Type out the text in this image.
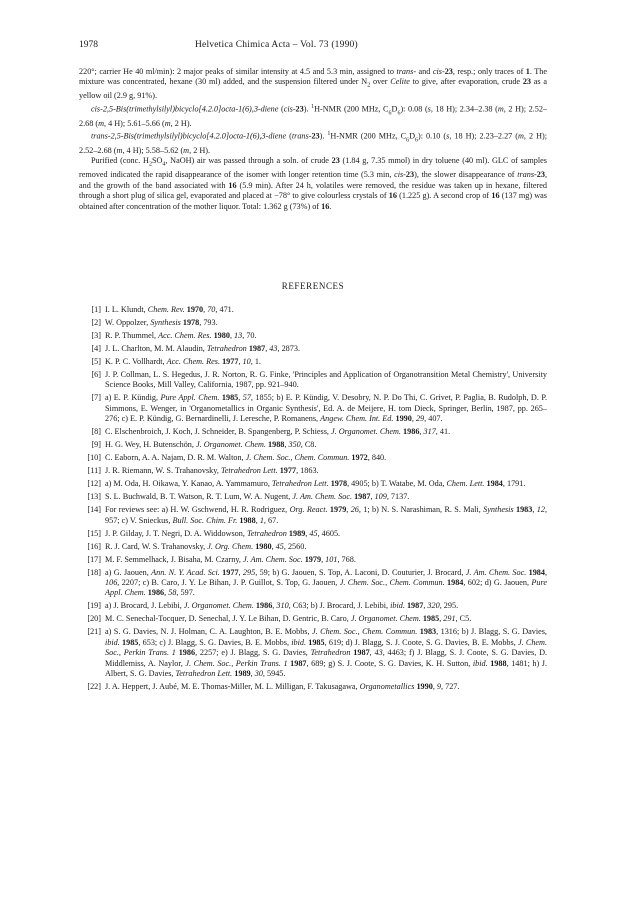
1978	Helvetica Chimica Acta – Vol. 73 (1990)

220°; carrier He 40 ml/min): 2 major peaks of similar intensity at 4.5 and 5.3 min, assigned to trans- and cis-23, resp.; only traces of 1. The mixture was concentrated, hexane (30 ml) added, and the suspension filtered under $N_2$ over Celite to give, after evaporation, crude 23 as a yellow oil (2.9 g, 91%).

cis-2,5-Bis(trimethylsilyl)bicyclo[4.2.0]octa-1(6),3-diene (cis-23). $^1$H-NMR (200 MHz, $C_6D_6$): 0.08 (s, 18 H); 2.34–2.38 (m, 2 H); 2.52–2.68 (m, 4 H); 5.61–5.66 (m, 2 H).

trans-2,5-Bis(trimethylsilyl)bicyclo[4.2.0]octa-1(6),3-diene (trans-23). $^1$H-NMR (200 MHz, $C_6D_6$): 0.10 (s, 18 H); 2.23–2.27 (m, 2 H); 2.52–2.68 (m, 4 H); 5.58–5.62 (m, 2 H).

Purified (conc. $H_2SO_4$, NaOH) air was passed through a soln. of crude 23 (1.84 g, 7.35 mmol) in dry toluene (40 ml). GLC of samples removed indicated the rapid disappearance of the isomer with longer retention time (5.3 min, cis-23), the slower disappearance of trans-23, and the growth of the band associated with 16 (5.9 min). After 24 h, volatiles were removed, the residue was taken up in hexane, filtered through a short plug of silica gel, evaporated and placed at −78° to give colourless crystals of 16 (1.225 g). A second crop of 16 (137 mg) was obtained after concentration of the mother liquor. Total: 1.362 g (73%) of 16.

REFERENCES
[1] I. L. Klundt, Chem. Rev. 1970, 70, 471.
[2] W. Oppolzer, Synthesis 1978, 793.
[3] R. P. Thummel, Acc. Chem. Res. 1980, 13, 70.
[4] J. L. Charlton, M. M. Alaudin, Tetrahedron 1987, 43, 2873.
[5] K. P. C. Vollhardt, Acc. Chem. Res. 1977, 10, 1.
[6] J. P. Collman, L. S. Hegedus, J. R. Norton, R. G. Finke, 'Principles and Application of Organotransition Metal Chemistry', University Science Books, Mill Valley, California, 1987, pp. 921–940.
[7] a) E. P. Kündig, Pure Appl. Chem. 1985, 57, 1855; b) E. P. Kündig, V. Desobry, N. P. Do Thi, C. Grivet, P. Paglia, B. Rudolph, D. P. Simmons, E. Wenger, in 'Organometallics in Organic Synthesis', Ed. A. de Meijere, H. tom Dieck, Springer, Berlin, 1987, pp. 265–276; c) E. P. Kündig, G. Bernardinelli, J. Leresche, P. Romanens, Angew. Chem. Int. Ed. 1990, 29, 407.
[8] C. Elschenbroich, J. Koch, J. Schneider, B. Spangenberg, P. Schiess, J. Organomet. Chem. 1986, 317, 41.
[9] H. G. Wey, H. Butenschön, J. Organomet. Chem. 1988, 350, C8.
[10] C. Eaborn, A. A. Najam, D. R. M. Walton, J. Chem. Soc., Chem. Commun. 1972, 840.
[11] J. R. Riemann, W. S. Trahanovsky, Tetrahedron Lett. 1977, 1863.
[12] a) M. Oda, H. Oikawa, Y. Kanao, A. Yammamuro, Tetrahedron Lett. 1978, 4905; b) T. Watabe, M. Oda, Chem. Lett. 1984, 1791.
[13] S. L. Buchwald, B. T. Watson, R. T. Lum, W. A. Nugent, J. Am. Chem. Soc. 1987, 109, 7137.
[14] For reviews see: a) H. W. Gschwend, H. R. Rodriguez, Org. React. 1979, 26, 1; b) N. S. Narashiman, R. S. Mali, Synthesis 1983, 12, 957; c) V. Snieckus, Bull. Soc. Chim. Fr. 1988, 1, 67.
[15] J. P. Gilday, J. T. Negri, D. A. Widdowson, Tetrahedron 1989, 45, 4605.
[16] R. J. Card, W. S. Trahanovsky, J. Org. Chem. 1980, 45, 2560.
[17] M. F. Semmelhack, J. Bisaha, M. Czarny, J. Am. Chem. Soc. 1979, 101, 768.
[18] a) G. Jaouen, Ann. N. Y. Acad. Sci. 1977, 295, 59; b) G. Jaouen, S. Top, A. Laconi, D. Couturier, J. Brocard, J. Am. Chem. Soc. 1984, 106, 2207; c) B. Caro, J. Y. Le Bihan, J. P. Guillot, S. Top, G. Jaouen, J. Chem. Soc., Chem. Commun. 1984, 602; d) G. Jaouen, Pure Appl. Chem. 1986, 58, 597.
[19] a) J. Brocard, J. Lebibi, J. Organomet. Chem. 1986, 310, C63; b) J. Brocard, J. Lebibi, ibid. 1987, 320, 295.
[20] M. C. Senechal-Tocquer, D. Senechal, J. Y. Le Bihan, D. Gentric, B. Caro, J. Organomet. Chem. 1985, 291, C5.
[21] a) S. G. Davies, N. J. Holman, C. A. Laughton, B. E. Mobbs, J. Chem. Soc., Chem. Commun. 1983, 1316; b) J. Blagg, S. G. Davies, ibid. 1985, 653; c) J. Blagg, S. G. Davies, B. E. Mobbs, ibid. 1985, 619; d) J. Blagg, S. J. Coote, S. G. Davies, B. E. Mobbs, J. Chem. Soc., Perkin Trans. 1 1986, 2257; e) J. Blagg, S. G. Davies, Tetrahedron 1987, 43, 4463; f) J. Blagg, S. J. Coote, S. G. Davies, D. Middlemiss, A. Naylor, J. Chem. Soc., Perkin Trans. 1 1987, 689; g) S. J. Coote, S. G. Davies, K. H. Sutton, ibid. 1988, 1481; h) J. Albert, S. G. Davies, Tetrahedron Lett. 1989, 30, 5945.
[22] J. A. Heppert, J. Aubé, M. E. Thomas-Miller, M. L. Milligan, F. Takusagawa, Organometallics 1990, 9, 727.
